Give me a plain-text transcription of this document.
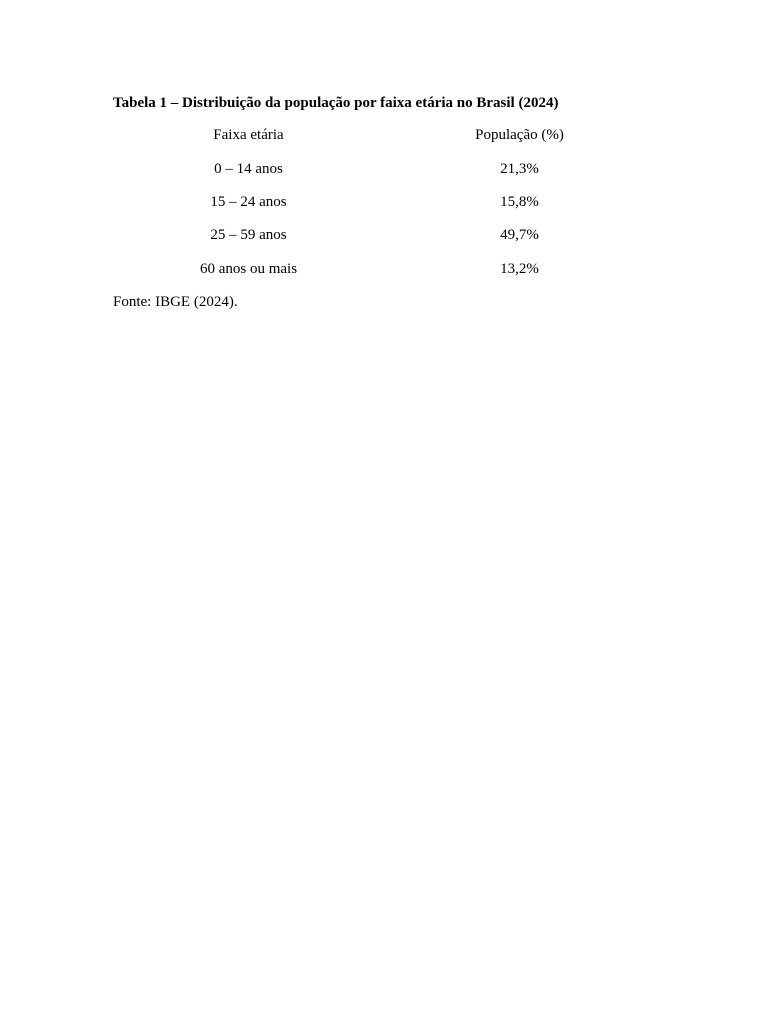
Tabela 1 – Distribuição da população por faixa etária no Brasil (2024)
Faixa etária	População (%)
0 – 14 anos	21,3%
15 – 24 anos	15,8%
25 – 59 anos	49,7%
60 anos ou mais	13,2%
Fonte: IBGE (2024).
